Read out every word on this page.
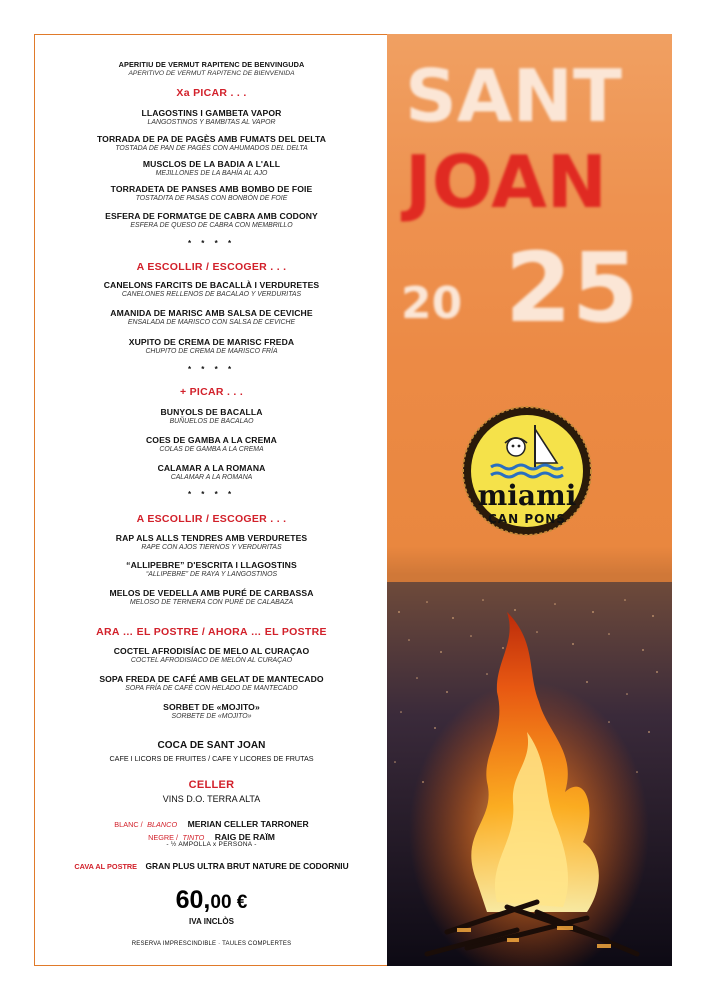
APERITIU DE VERMUT RAPITENC DE BENVINGUDA
APERITIVO DE VERMUT RAPITENC DE BIENVENIDA
Xa PICAR . . .
LLAGOSTINS I GAMBETA VAPOR
LANGOSTINOS Y BAMBITAS AL VAPOR
TORRADA DE PA DE PAGÈS AMB FUMATS DEL DELTA
TOSTADA DE PAN DE PAGÈS CON AHUMADOS DEL DELTA
MUSCLOS DE LA BADIA A L'ALL
MEJILLONES DE LA BAHÍA AL AJO
TORRADETA DE PANSES AMB BOMBO DE FOIE
TOSTADITA DE PASAS CON BONBÓN DE FOIE
ESFERA DE FORMATGE DE CABRA AMB CODONY
ESFERA DE QUESO DE CABRA CON MEMBRILLO
* * * *
A ESCOLLIR / ESCOGER . . .
CANELONS FARCITS DE BACALLÀ I VERDURETES
CANELONES RELLENOS DE BACALAO Y VERDURITAS
AMANIDA DE MARISC AMB SALSA DE CEVICHE
ENSALADA DE MARISCO CON SALSA DE CEVICHE
XUPITO DE CREMA DE MARISC FREDA
CHUPITO DE CREMA DE MARISCO FRÍA
* * * *
+ PICAR . . .
BUNYOLS DE BACALLA
BUÑUELOS DE BACALAO
COES DE GAMBA A LA CREMA
COLAS DE GAMBA A LA CREMA
CALAMAR A LA ROMANA
CALAMAR A LA ROMANA
* * * *
A ESCOLLIR / ESCOGER . . .
RAP ALS ALLS TENDRES AMB VERDURETES
RAPE CON AJOS TIERNOS Y VERDURITAS
“ALLIPEBRE” D'ESCRITA I LLAGOSTINS
“ALLIPEBRE” DE RAYA Y LANGOSTINOS
MELOS DE VEDELLA AMB PURÉ DE CARBASSA
MELOSO DE TERNERA CON PURÉ DE CALABAZA
ARA … EL POSTRE / AHORA … EL POSTRE
COCTEL AFRODISÍAC DE MELO AL CURAÇAO
COCTEL AFRODISIACO DE MELÓN AL CURAÇAO
SOPA FREDA DE CAFÉ AMB GELAT DE MANTECADO
SOPA FRÍA DE CAFÉ CON HELADO DE MANTECADO
SORBET DE «MOJITO»
SORBETE DE «MOJITO»
COCA DE SANT JOAN
CAFE I LICORS DE FRUITES / CAFE Y LICORES DE FRUTAS
CELLER
VINS D.O. TERRA ALTA
BLANC / BLANCO MERIAN CELLER TARRONER
NEGRE / TINTO RAIG DE RAÏM
- ½ AMPOLLA x PERSONA -
CAVA AL POSTRE GRAN PLUS ULTRA BRUT NATURE DE CODORNIU
60,00 €
IVA INCLÒS
RESERVA IMPRESCINDIBLE · TAULES COMPLERTES
SANT
JOAN
20 25
miami
CAN PONS
